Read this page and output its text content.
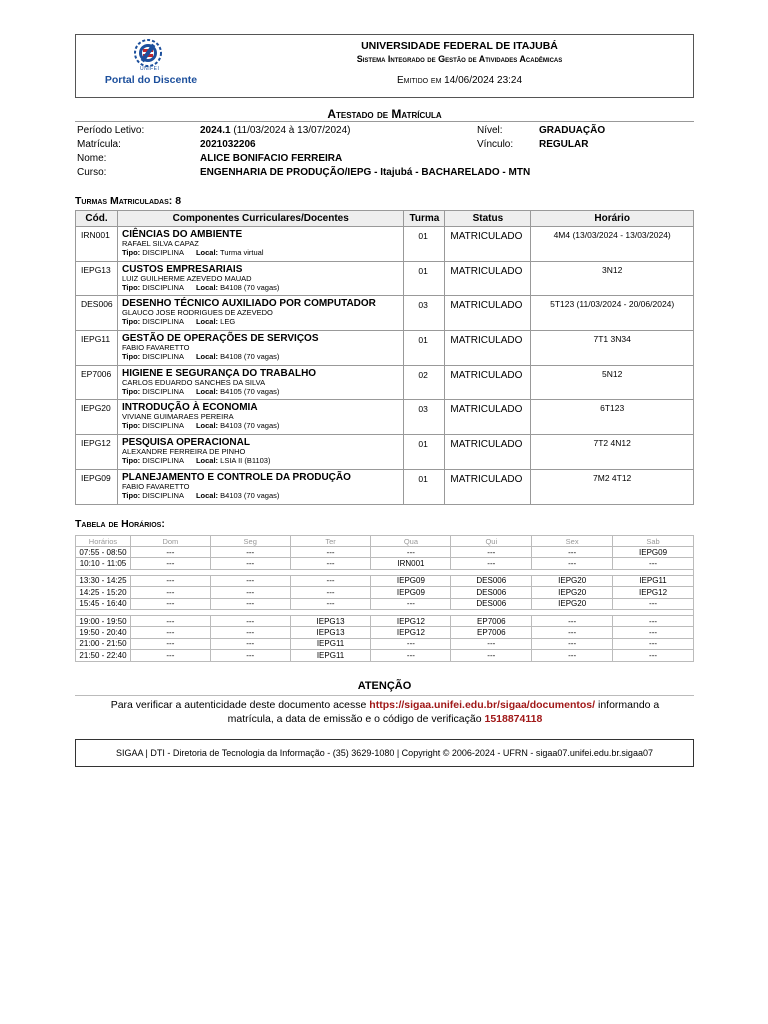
UNIFEI
Portal do Discente
UNIVERSIDADE FEDERAL DE ITAJUBÁ
Sistema Integrado de Gestão de Atividades Acadêmicas
Emitido em 14/06/2024 23:24
Atestado de Matrícula
Período Letivo:	2024.1 (11/03/2024 à 13/07/2024)	Nível:	GRADUAÇÃO
Matrícula:	2021032206	Vínculo:	REGULAR
Nome:	ALICE BONIFACIO FERREIRA
Curso:	ENGENHARIA DE PRODUÇÃO/IEPG - Itajubá - BACHARELADO - MTN
Turmas Matriculadas: 8
Cód.	Componentes Curriculares/Docentes	Turma	Status	Horário
IRN001	CIÊNCIAS DO AMBIENTE
RAFAEL SILVA CAPAZ
Tipo: DISCIPLINA Local: Turma virtual	01	MATRICULADO	4M4 (13/03/2024 - 13/03/2024)
IEPG13	CUSTOS EMPRESARIAIS
LUIZ GUILHERME AZEVEDO MAUAD
Tipo: DISCIPLINA Local: B4108 (70 vagas)	01	MATRICULADO	3N12
DES006	DESENHO TÉCNICO AUXILIADO POR COMPUTADOR
GLAUCO JOSE RODRIGUES DE AZEVEDO
Tipo: DISCIPLINA Local: LEG	03	MATRICULADO	5T123 (11/03/2024 - 20/06/2024)
IEPG11	GESTÃO DE OPERAÇÕES DE SERVIÇOS
FABIO FAVARETTO
Tipo: DISCIPLINA Local: B4108 (70 vagas)	01	MATRICULADO	7T1 3N34
EP7006	HIGIENE E SEGURANÇA DO TRABALHO
CARLOS EDUARDO SANCHES DA SILVA
Tipo: DISCIPLINA Local: B4105 (70 vagas)	02	MATRICULADO	5N12
IEPG20	INTRODUÇÃO À ECONOMIA
VIVIANE GUIMARAES PEREIRA
Tipo: DISCIPLINA Local: B4103 (70 vagas)	03	MATRICULADO	6T123
IEPG12	PESQUISA OPERACIONAL
ALEXANDRE FERREIRA DE PINHO
Tipo: DISCIPLINA Local: LSIA II (B1103)	01	MATRICULADO	7T2 4N12
IEPG09	PLANEJAMENTO E CONTROLE DA PRODUÇÃO
FABIO FAVARETTO
Tipo: DISCIPLINA Local: B4103 (70 vagas)	01	MATRICULADO	7M2 4T12
Tabela de Horários:
Horários	Dom	Seg	Ter	Qua	Qui	Sex	Sab
07:55 - 08:50	---	---	---	---	---	---	IEPG09
10:10 - 11:05	---	---	---	IRN001	---	---	---

13:30 - 14:25	---	---	---	IEPG09	DES006	IEPG20	IEPG11
14:25 - 15:20	---	---	---	IEPG09	DES006	IEPG20	IEPG12
15:45 - 16:40	---	---	---	---	DES006	IEPG20	---

19:00 - 19:50	---	---	IEPG13	IEPG12	EP7006	---	---
19:50 - 20:40	---	---	IEPG13	IEPG12	EP7006	---	---
21:00 - 21:50	---	---	IEPG11	---	---	---	---
21:50 - 22:40	---	---	IEPG11	---	---	---	---
ATENÇÃO
Para verificar a autenticidade deste documento acesse https://sigaa.unifei.edu.br/sigaa/documentos/ informando a matrícula, a data de emissão e o código de verificação 1518874118
SIGAA | DTI - Diretoria de Tecnologia da Informação - (35) 3629-1080 | Copyright © 2006-2024 - UFRN - sigaa07.unifei.edu.br.sigaa07
